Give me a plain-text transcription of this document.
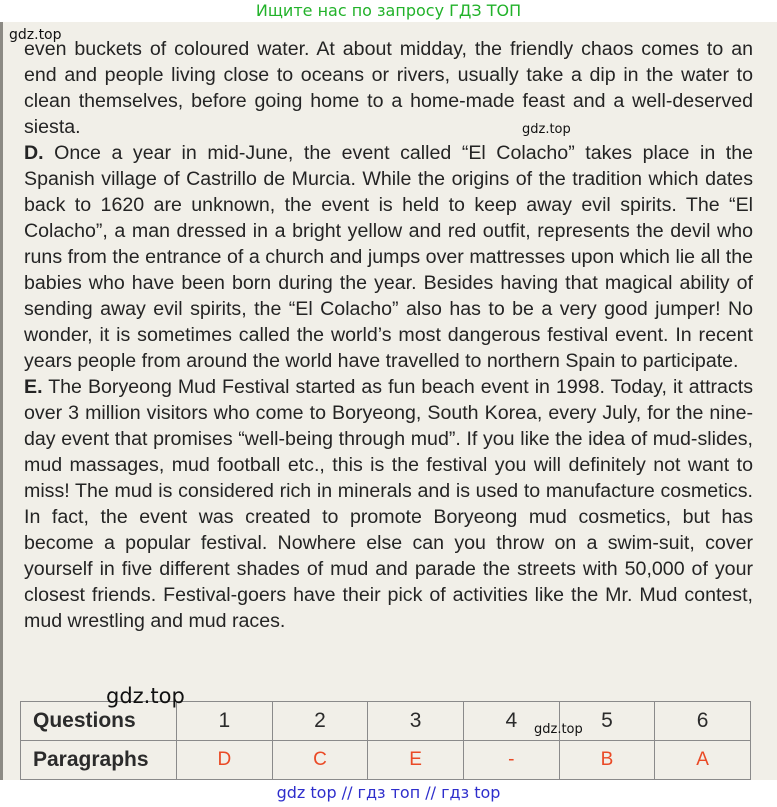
Ищите нас по запросу ГДЗ ТОП
gdz.top

even buckets of coloured water. At about midday, the friendly chaos comes to an end and people living close to oceans or rivers, usually take a dip in the water to clean themselves, before going home to a home-made feast and a well-deserved siesta.	gdz.top

D. Once a year in mid-June, the event called “El Colacho” takes place in the Spanish village of Castrillo de Murcia. While the origins of the tradition which dates back to 1620 are unknown, the event is held to keep away evil spirits. The “El Colacho”, a man dressed in a bright yellow and red outfit, represents the devil who runs from the entrance of a church and jumps over mattresses upon which lie all the babies who have been born during the year. Besides having that magical ability of sending away evil spirits, the “El Colacho” also has to be a very good jumper! No wonder, it is sometimes called the world’s most dangerous festival event. In recent years people from around the world have travelled to northern Spain to participate.

E. The Boryeong Mud Festival started as fun beach event in 1998. Today, it attracts over 3 million visitors who come to Boryeong, South Korea, every July, for the nine-day event that promises “well-being through mud”. If you like the idea of mud-slides, mud massages, mud football etc., this is the festival you will definitely not want to miss! The mud is considered rich in minerals and is used to manufacture cosmetics. In fact, the event was created to promote Boryeong mud cosmetics, but has become a popular festival. Nowhere else can you throw on a swim-suit, cover yourself in five different shades of mud and parade the streets with 50,000 of your closest friends. Festival-goers have their pick of activities like the Mr. Mud contest, mud wrestling and mud races.

Questions	1	2	3	4	5	6
Paragraphs	D	C	E	-	B	A
gdz.top
gdz.top
gdz top // гдз топ // гдз top
